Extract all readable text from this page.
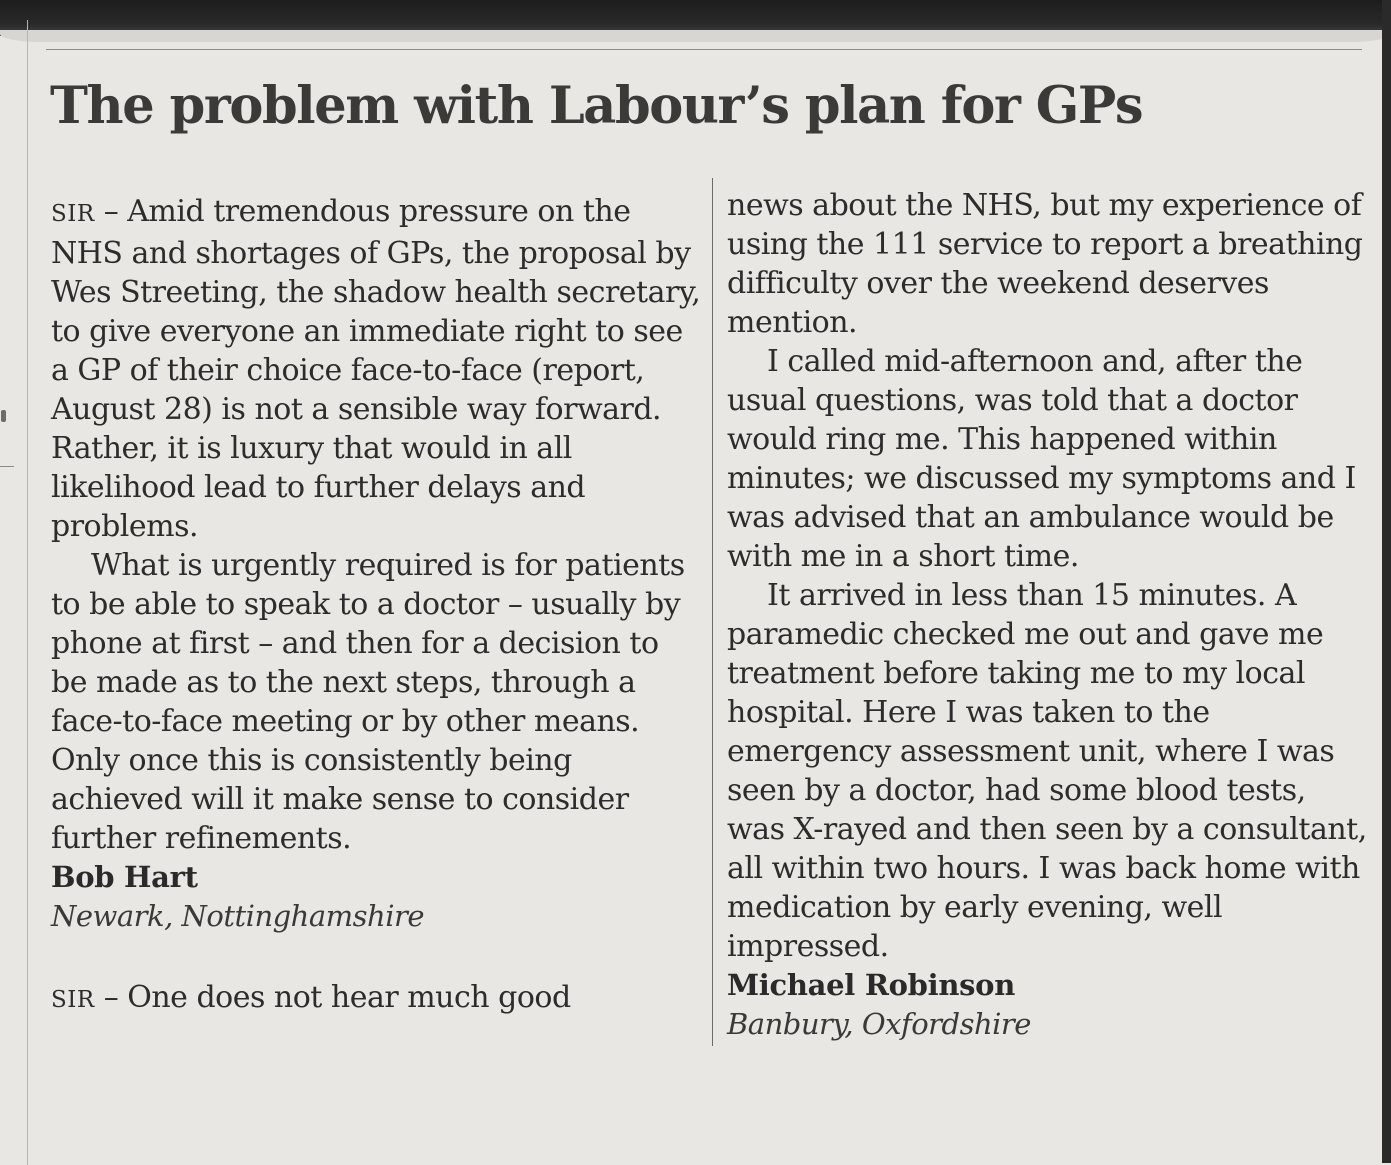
The problem with Labour’s plan for GPs

SIR – Amid tremendous pressure on the NHS and shortages of GPs, the proposal by Wes Streeting, the shadow health secretary, to give everyone an immediate right to see a GP of their choice face-to-face (report, August 28) is not a sensible way forward. Rather, it is luxury that would in all likelihood lead to further delays and problems.

What is urgently required is for patients to be able to speak to a doctor – usually by phone at first – and then for a decision to be made as to the next steps, through a face-to-face meeting or by other means. Only once this is consistently being achieved will it make sense to consider further refinements.

Bob Hart

Newark, Nottinghamshire

SIR – One does not hear much good

news about the NHS, but my experience of using the 111 service to report a breathing difficulty over the weekend deserves mention.

I called mid-afternoon and, after the usual questions, was told that a doctor would ring me. This happened within minutes; we discussed my symptoms and I was advised that an ambulance would be with me in a short time.

It arrived in less than 15 minutes. A paramedic checked me out and gave me treatment before taking me to my local hospital. Here I was taken to the emergency assessment unit, where I was seen by a doctor, had some blood tests, was X-rayed and then seen by a consultant, all within two hours. I was back home with medication by early evening, well impressed.

Michael Robinson

Banbury, Oxfordshire
